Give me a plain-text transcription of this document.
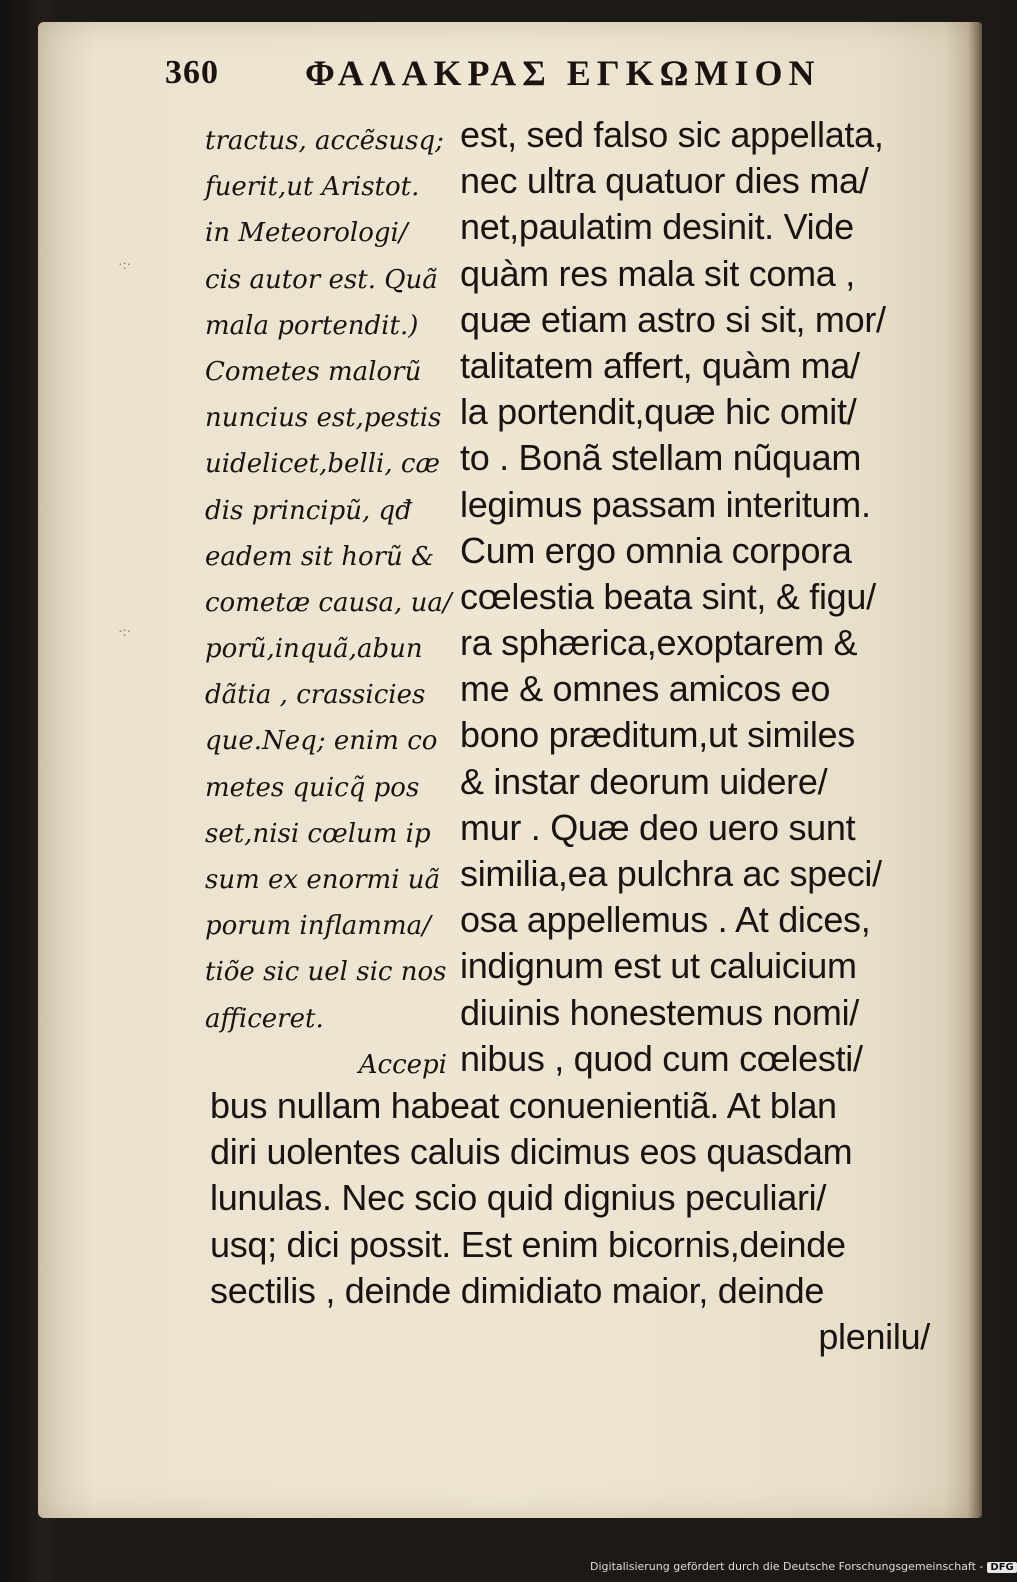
360 ΦΑΛΑΚΡΑΣ ΕΓΚΩΜΙΟΝ
·:·
·:·
tractus, accẽsusq;
fuerit,ut Aristot.
in Meteorologi/
cis autor est. Quã
mala portendit.)
Cometes malorũ
nuncius est,pestis
uidelicet,belli, cæ
dis principũ, qđ
eadem sit horũ &
cometæ causa, ua/
porũ,inquã,abun
dãtia , crassicies
que.Neq; enim co
metes quicq̃ pos
set,nisi cœlum ip
sum ex enormi uã
porum inflamma/
tiõe sic uel sic nos
afficeret.
Accepi
est, sed falso sic appellata,
nec ultra quatuor dies ma/
net,paulatim desinit. Vide
quàm res mala sit coma ,
quæ etiam astro si sit, mor/
talitatem affert, quàm ma/
la portendit,quæ hic omit/
to . Bonã stellam nũquam
legimus passam interitum.
Cum ergo omnia corpora
cœlestia beata sint, & figu/
ra sphærica,exoptarem &
me & omnes amicos eo
bono præditum,ut similes
& instar deorum uidere/
mur . Quæ deo uero sunt
similia,ea pulchra ac speci/
osa appellemus . At dices,
indignum est ut caluicium
diuinis honestemus nomi/
nibus , quod cum cœlesti/
bus nullam habeat conuenientiã. At blan
diri uolentes caluis dicimus eos quasdam
lunulas. Nec scio quid dignius peculiari/
usq; dici possit. Est enim bicornis,deinde
sectilis , deinde dimidiato maior, deinde
plenilu/
Digitalisierung gefördert durch die Deutsche Forschungsgemeinschaft - DFG
